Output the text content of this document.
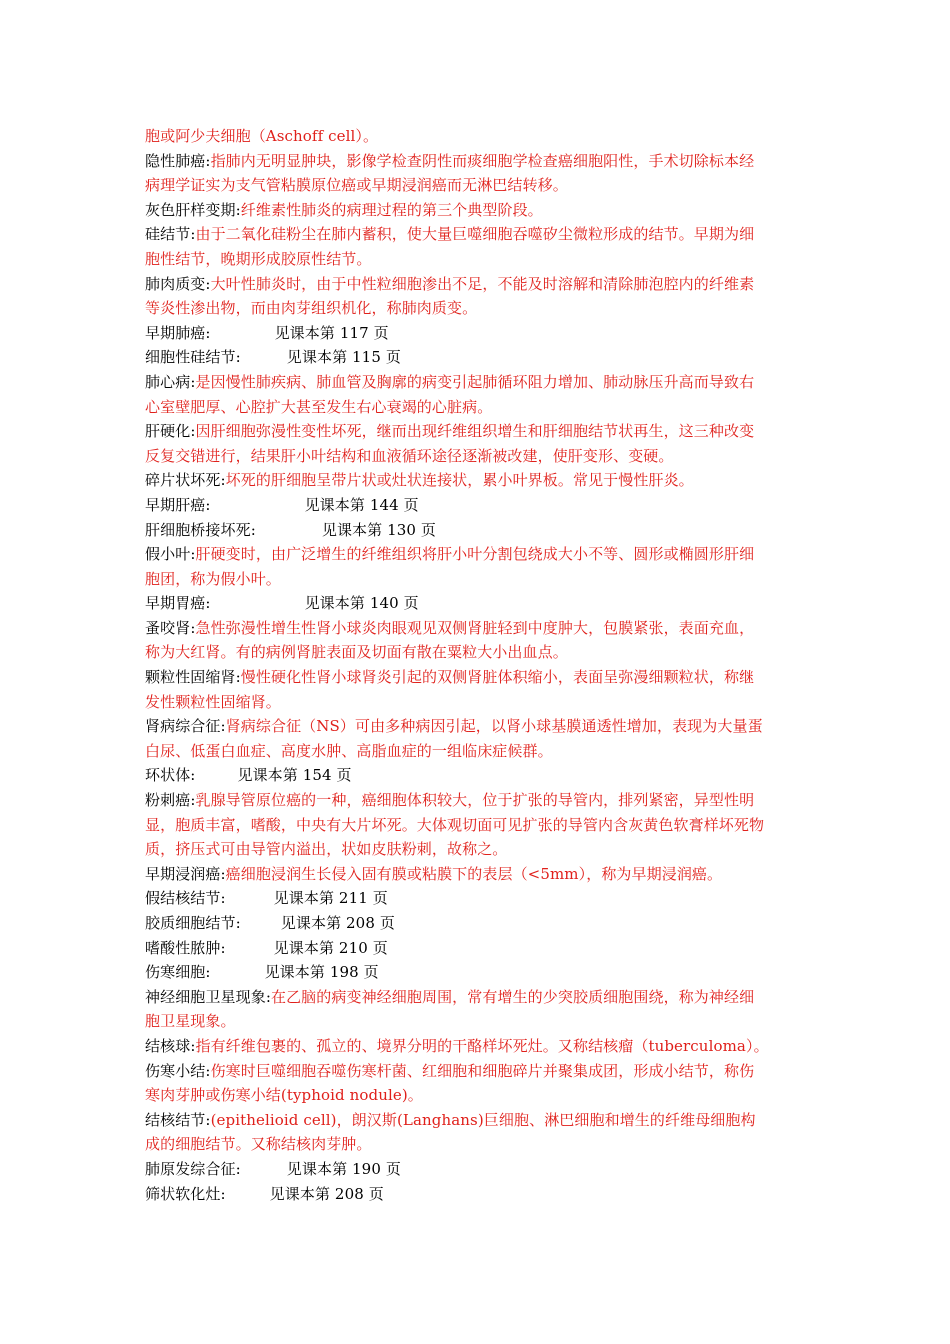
胞或阿少夫细胞（Aschoff cell）。
隐性肺癌:指肺内无明显肿块，影像学检查阴性而痰细胞学检查癌细胞阳性，手术切除标本经
病理学证实为支气管粘膜原位癌或早期浸润癌而无淋巴结转移。
灰色肝样变期:纤维素性肺炎的病理过程的第三个典型阶段。
硅结节:由于二氧化硅粉尘在肺内蓄积，使大量巨噬细胞吞噬矽尘微粒形成的结节。早期为细
胞性结节，晚期形成胶原性结节。
肺肉质变:大叶性肺炎时，由于中性粒细胞渗出不足，不能及时溶解和清除肺泡腔内的纤维素
等炎性渗出物，而由肉芽组织机化，称肺肉质变。
早期肺癌:	见课本第 117 页
细胞性硅结节:	见课本第 115 页
肺心病:是因慢性肺疾病、肺血管及胸廓的病变引起肺循环阻力增加、肺动脉压升高而导致右
心室壁肥厚、心腔扩大甚至发生右心衰竭的心脏病。
肝硬化:因肝细胞弥漫性变性坏死，继而出现纤维组织增生和肝细胞结节状再生，这三种改变
反复交错进行，结果肝小叶结构和血液循环途径逐渐被改建，使肝变形、变硬。
碎片状坏死:坏死的肝细胞呈带片状或灶状连接状，累小叶界板。常见于慢性肝炎。
早期肝癌:	见课本第 144 页
肝细胞桥接坏死:	见课本第 130 页
假小叶:肝硬变时，由广泛增生的纤维组织将肝小叶分割包绕成大小不等、圆形或椭圆形肝细
胞团，称为假小叶。
早期胃癌:	见课本第 140 页
蚤咬肾:急性弥漫性增生性肾小球炎肉眼观见双侧肾脏轻到中度肿大，包膜紧张，表面充血，
称为大红肾。有的病例肾脏表面及切面有散在粟粒大小出血点。
颗粒性固缩肾:慢性硬化性肾小球肾炎引起的双侧肾脏体积缩小，表面呈弥漫细颗粒状，称继
发性颗粒性固缩肾。
肾病综合征:肾病综合征（NS）可由多种病因引起，以肾小球基膜通透性增加，表现为大量蛋
白尿、低蛋白血症、高度水肿、高脂血症的一组临床症候群。
环状体:	见课本第 154 页
粉刺癌:乳腺导管原位癌的一种，癌细胞体积较大，位于扩张的导管内，排列紧密，异型性明
显，胞质丰富，嗜酸，中央有大片坏死。大体观切面可见扩张的导管内含灰黄色软膏样坏死物
质，挤压式可由导管内溢出，状如皮肤粉刺，故称之。
早期浸润癌:癌细胞浸润生长侵入固有膜或粘膜下的表层（<5mm），称为早期浸润癌。
假结核结节:	见课本第 211 页
胶质细胞结节:	见课本第 208 页
嗜酸性脓肿:	见课本第 210 页
伤寒细胞:	见课本第 198 页
神经细胞卫星现象:在乙脑的病变神经细胞周围，常有增生的少突胶质细胞围绕，称为神经细
胞卫星现象。
结核球:指有纤维包裹的、孤立的、境界分明的干酪样坏死灶。又称结核瘤（tuberculoma）。
伤寒小结:伤寒时巨噬细胞吞噬伤寒杆菌、红细胞和细胞碎片并聚集成团，形成小结节，称伤
寒肉芽肿或伤寒小结(typhoid nodule)。
结核结节:(epithelioid cell)，朗汉斯(Langhans)巨细胞、淋巴细胞和增生的纤维母细胞构
成的细胞结节。又称结核肉芽肿。
肺原发综合征:	见课本第 190 页
筛状软化灶:	见课本第 208 页
